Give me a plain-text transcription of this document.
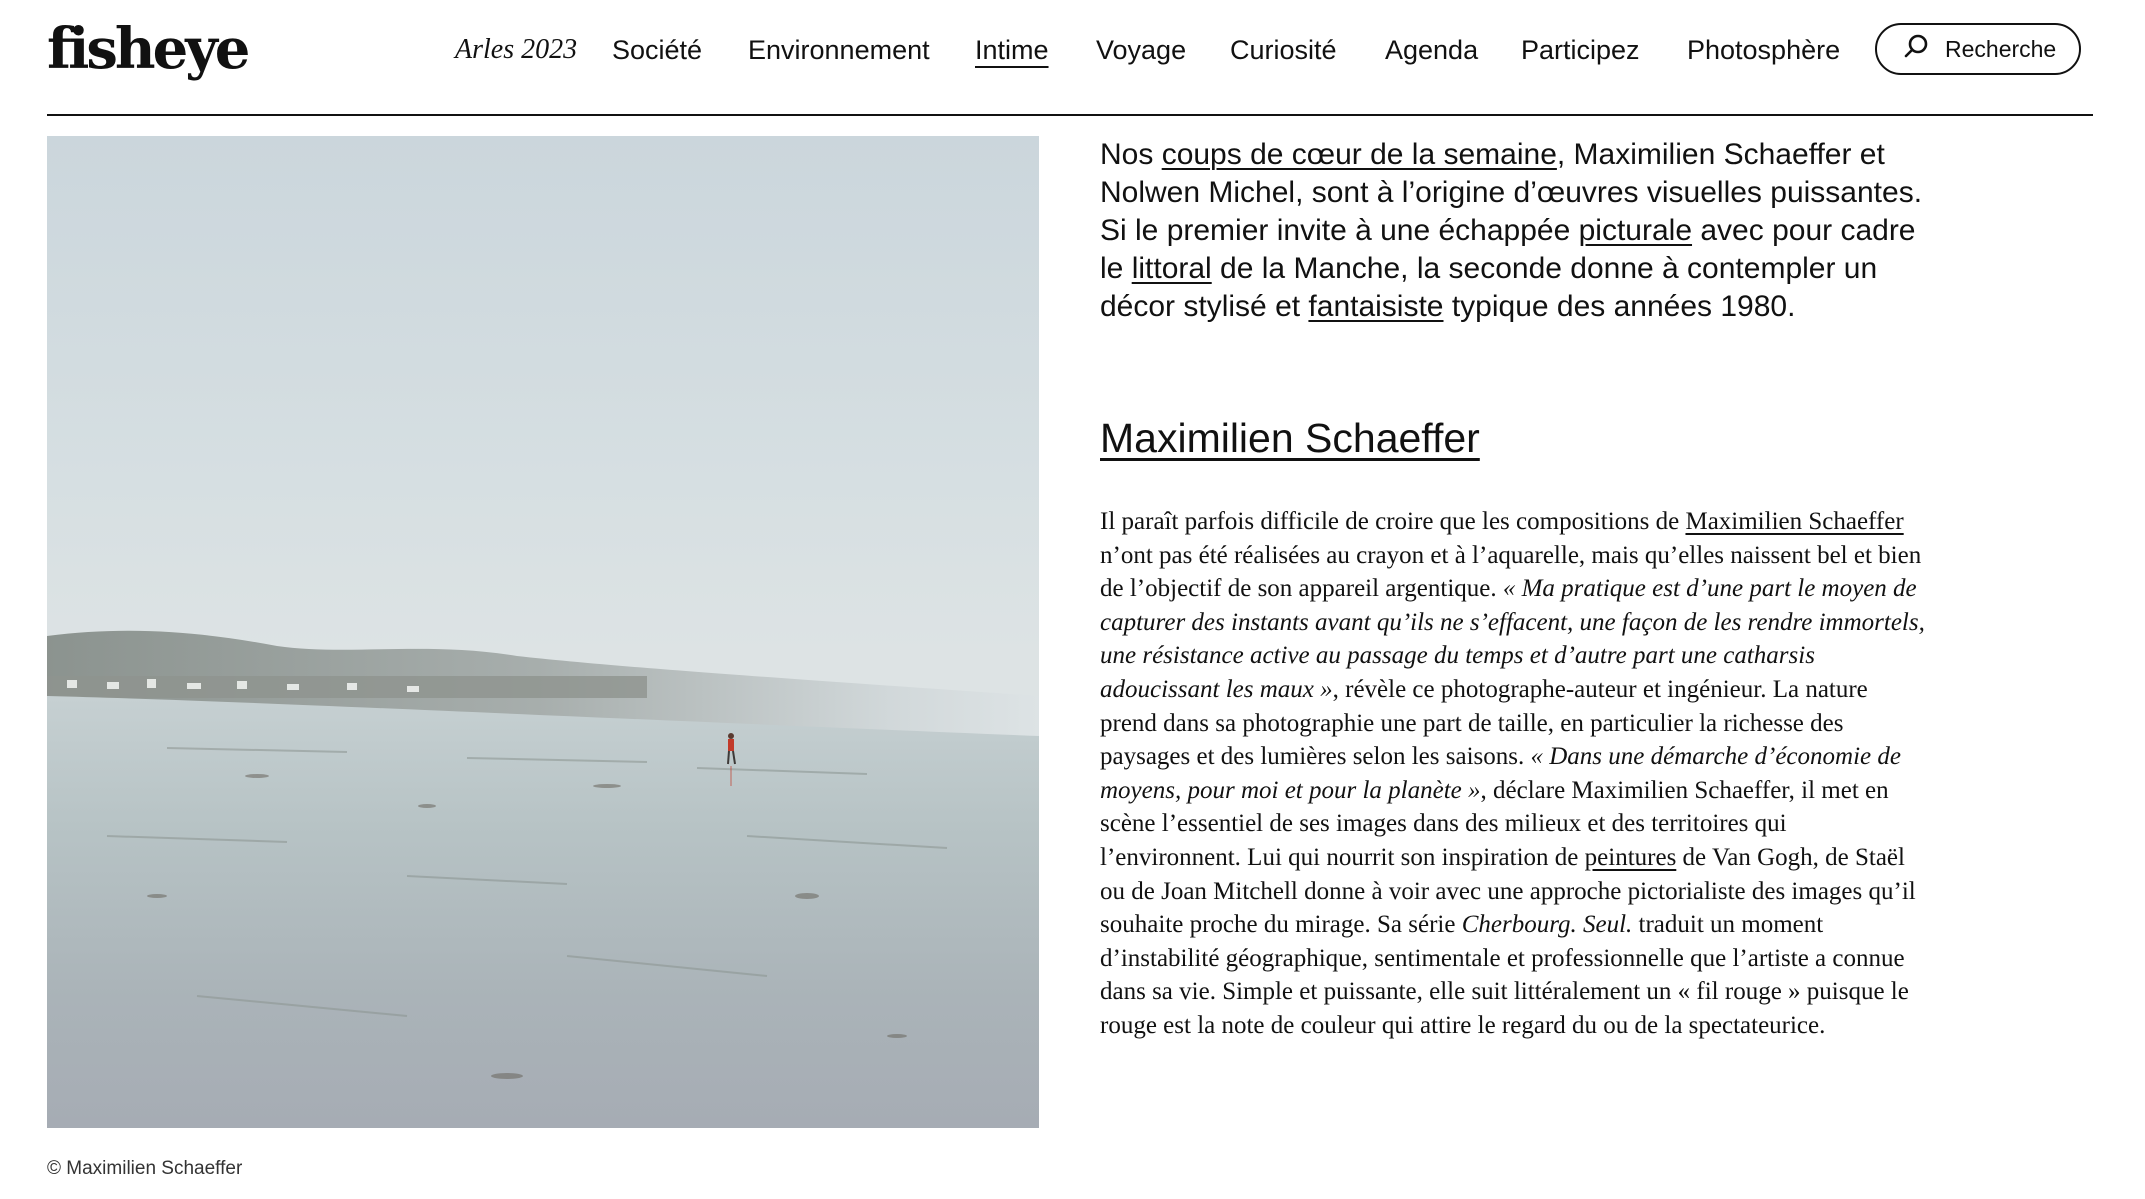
fisheye	Arles 2023 Société Environnement Intime Voyage Curiosité Agenda Participez Photosphère	Recherche
© Maximilien Schaeffer

Nos coups de cœur de la semaine, Maximilien Schaeffer et Nolwen Michel, sont à l’origine d’œuvres visuelles puissantes. Si le premier invite à une échappée picturale avec pour cadre le littoral de la Manche, la seconde donne à contempler un décor stylisé et fantaisiste typique des années 1980.

Maximilien Schaeffer

Il paraît parfois difficile de croire que les compositions de Maximilien Schaeffer n’ont pas été réalisées au crayon et à l’aquarelle, mais qu’elles naissent bel et bien de l’objectif de son appareil argentique. « Ma pratique est d’une part le moyen de capturer des instants avant qu’ils ne s’effacent, une façon de les rendre immortels, une résistance active au passage du temps et d’autre part une catharsis adoucissant les maux », révèle ce photographe-auteur et ingénieur. La nature prend dans sa photographie une part de taille, en particulier la richesse des paysages et des lumières selon les saisons. « Dans une démarche d’économie de moyens, pour moi et pour la planète », déclare Maximilien Schaeffer, il met en scène l’essentiel de ses images dans des milieux et des territoires qui l’environnent. Lui qui nourrit son inspiration de peintures de Van Gogh, de Staël ou de Joan Mitchell donne à voir avec une approche pictorialiste des images qu’il souhaite proche du mirage. Sa série Cherbourg. Seul. traduit un moment d’instabilité géographique, sentimentale et professionnelle que l’artiste a connue dans sa vie. Simple et puissante, elle suit littéralement un « fil rouge » puisque le rouge est la note de couleur qui attire le regard du ou de la spectateurice.
